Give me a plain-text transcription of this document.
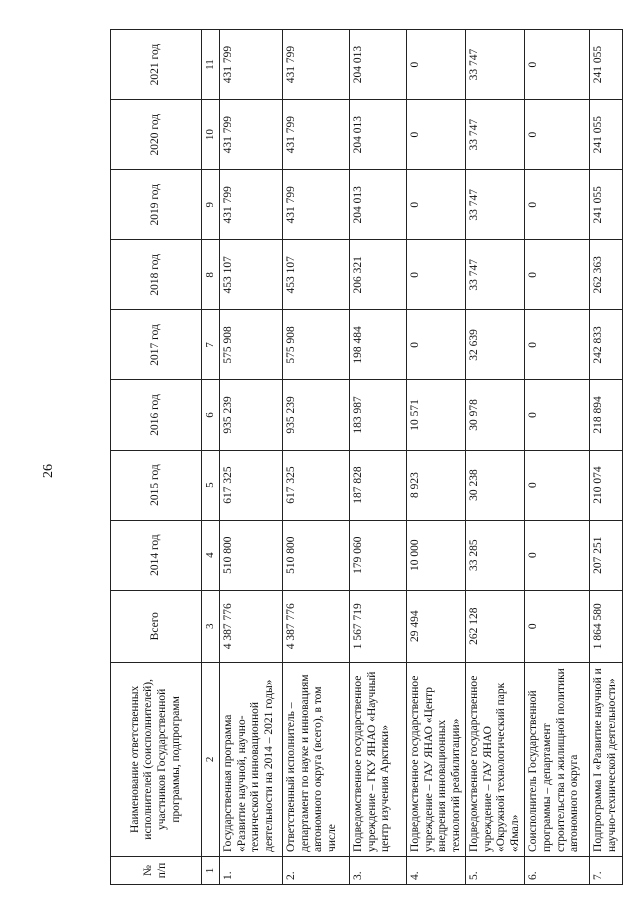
26
№ п/п	Наименование ответственных исполнителей (соисполнителей), участников Государственной программы, подпрограмм	Всего	2014 год	2015 год	2016 год	2017 год	2018 год	2019 год	2020 год	2021 год
1	2	3	4	5	6	7	8	9	10	11
1.	Государственная программа «Развитие научной, научно-технической и инновационной деятельности на 2014 – 2021 годы»	4 387 776	510 800	617 325	935 239	575 908	453 107	431 799	431 799	431 799
2.	Ответственный исполнитель – департамент по науке и инновациям автономного округа (всего), в том числе	4 387 776	510 800	617 325	935 239	575 908	453 107	431 799	431 799	431 799
3.	Подведомственное государственное учреждение – ГКУ ЯНАО «Научный центр изучения Арктики»	1 567 719	179 060	187 828	183 987	198 484	206 321	204 013	204 013	204 013
4.	Подведомственное государственное учреждение – ГАУ ЯНАО «Центр внедрения инновационных технологий реабилитации»	29 494	10 000	8 923	10 571	0	0	0	0	0
5.	Подведомственное государственное учреждение – ГАУ ЯНАО «Окружной технологический парк «Ямал»	262 128	33 285	30 238	30 978	32 639	33 747	33 747	33 747	33 747
6.	Соисполнитель Государственной программы – департамент строительства и жилищной политики автономного округа	0	0	0	0	0	0	0	0	0
7.	Подпрограмма I «Развитие научной и научно-технической деятельности»	1 864 580	207 251	210 074	218 894	242 833	262 363	241 055	241 055	241 055
